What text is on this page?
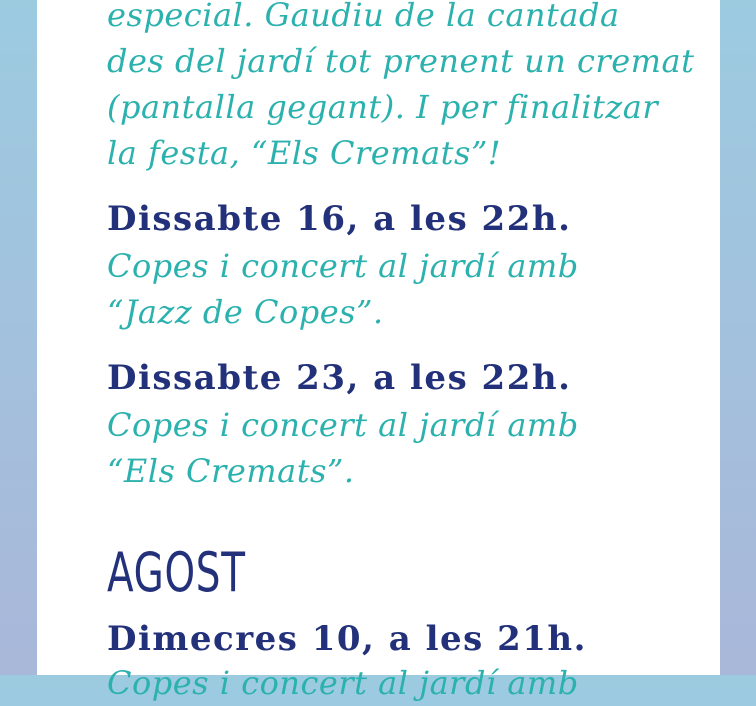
especial. Gaudiu de la cantada
des del jardí tot prenent un cremat
(pantalla gegant). I per finalitzar
la festa, “Els Cremats”!
Dissabte 16, a les 22h.
Copes i concert al jardí amb
“Jazz de Copes”.
Dissabte 23, a les 22h.
Copes i concert al jardí amb
“Els Cremats”.
AGOST
Dimecres 10, a les 21h.
Copes i concert al jardí amb
